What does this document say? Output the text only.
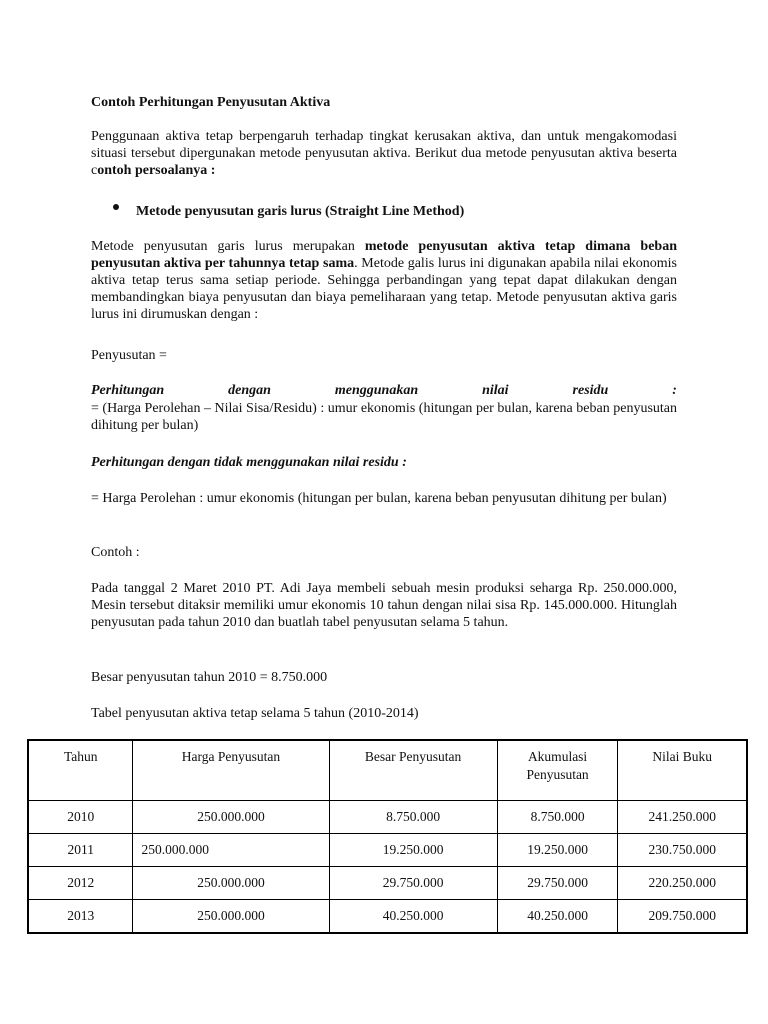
Contoh Perhitungan Penyusutan Aktiva

Penggunaan aktiva tetap berpengaruh terhadap tingkat kerusakan aktiva, dan untuk mengakomodasi situasi tersebut dipergunakan metode penyusutan aktiva. Berikut dua metode penyusutan aktiva beserta contoh persoalanya :

Metode penyusutan garis lurus (Straight Line Method)

Metode penyusutan garis lurus merupakan metode penyusutan aktiva tetap dimana beban penyusutan aktiva per tahunnya tetap sama. Metode galis lurus ini digunakan apabila nilai ekonomis aktiva tetap terus sama setiap periode. Sehingga perbandingan yang tepat dapat dilakukan dengan membandingkan biaya penyusutan dan biaya pemeliharaan yang tetap. Metode penyusutan aktiva garis lurus ini dirumuskan dengan :

Penyusutan =

Perhitungan	dengan	menggunakan	nilai	residu	:

= (Harga Perolehan – Nilai Sisa/Residu) : umur ekonomis (hitungan per bulan, karena beban penyusutan dihitung per bulan)

Perhitungan dengan tidak menggunakan nilai residu :

= Harga Perolehan : umur ekonomis (hitungan per bulan, karena beban penyusutan dihitung per bulan)

Contoh :

Pada tanggal 2 Maret 2010 PT. Adi Jaya membeli sebuah mesin produksi seharga Rp. 250.000.000, Mesin tersebut ditaksir memiliki umur ekonomis 10 tahun dengan nilai sisa Rp. 145.000.000. Hitunglah penyusutan pada tahun 2010 dan buatlah tabel penyusutan selama 5 tahun.

Besar penyusutan tahun 2010 = 8.750.000

Tabel penyusutan aktiva tetap selama 5 tahun (2010-2014)

Tahun	Harga Penyusutan	Besar Penyusutan	Akumulasi Penyusutan	Nilai Buku
2010	250.000.000	8.750.000	8.750.000	241.250.000
2011	250.000.000	19.250.000	19.250.000	230.750.000
2012	250.000.000	29.750.000	29.750.000	220.250.000
2013	250.000.000	40.250.000	40.250.000	209.750.000
